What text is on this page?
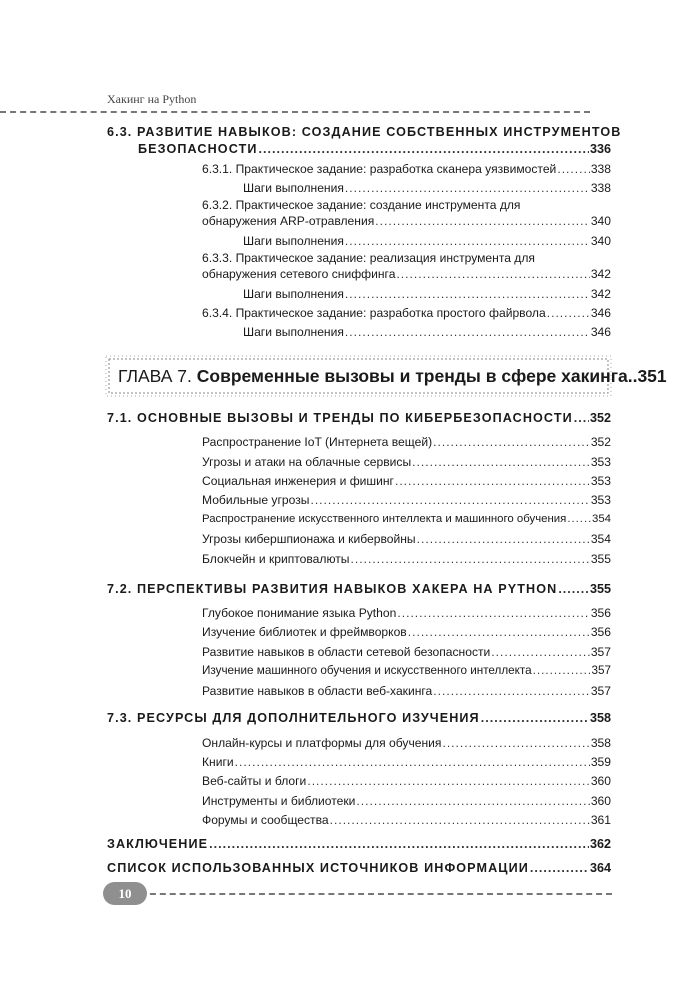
Хакинг на Python
6.3. РАЗВИТИЕ НАВЫКОВ: СОЗДАНИЕ СОБСТВЕННЫХ ИНСТРУМЕНТОВ
БЕЗОПАСНОСТИ .....	336
6.3.1. Практическое задание: разработка сканера уязвимостей .....	338
Шаги выполнения .....	338
6.3.2. Практическое задание: создание инструмента для
обнаружения ARP-отравления .....	340
Шаги выполнения .....	340
6.3.3. Практическое задание: реализация инструмента для
обнаружения сетевого сниффинга .....	342
Шаги выполнения .....	342
6.3.4. Практическое задание: разработка простого файрвола .....	346
Шаги выполнения .....	346
ГЛАВА 7. Современные вызовы и тренды в сфере хакинга..351
7.1. ОСНОВНЫЕ ВЫЗОВЫ И ТРЕНДЫ ПО КИБЕРБЕЗОПАСНОСТИ ..... 352
Распространение IoT (Интернета вещей) .....	352
Угрозы и атаки на облачные сервисы .....	353
Социальная инженерия и фишинг .....	353
Мобильные угрозы .....	353
Распространение искусственного интеллекта и машинного обучения ..... 354
Угрозы кибершпионажа и кибервойны .....	354
Блокчейн и криптовалюты .....	355
7.2. ПЕРСПЕКТИВЫ РАЗВИТИЯ НАВЫКОВ ХАКЕРА НА PYTHON .....	355
Глубокое понимание языка Python .....	356
Изучение библиотек и фреймворков .....	356
Развитие навыков в области сетевой безопасности .....	357
Изучение машинного обучения и искусственного интеллекта .....	357
Развитие навыков в области веб-хакинга .....	357
7.3. РЕСУРСЫ ДЛЯ ДОПОЛНИТЕЛЬНОГО ИЗУЧЕНИЯ .....	358
Онлайн-курсы и платформы для обучения .....	358
Книги .....	359
Веб-сайты и блоги .....	360
Инструменты и библиотеки .....	360
Форумы и сообщества .....	361
ЗАКЛЮЧЕНИЕ .....	362
СПИСОК ИСПОЛЬЗОВАННЫХ ИСТОЧНИКОВ ИНФОРМАЦИИ .....	364
10
